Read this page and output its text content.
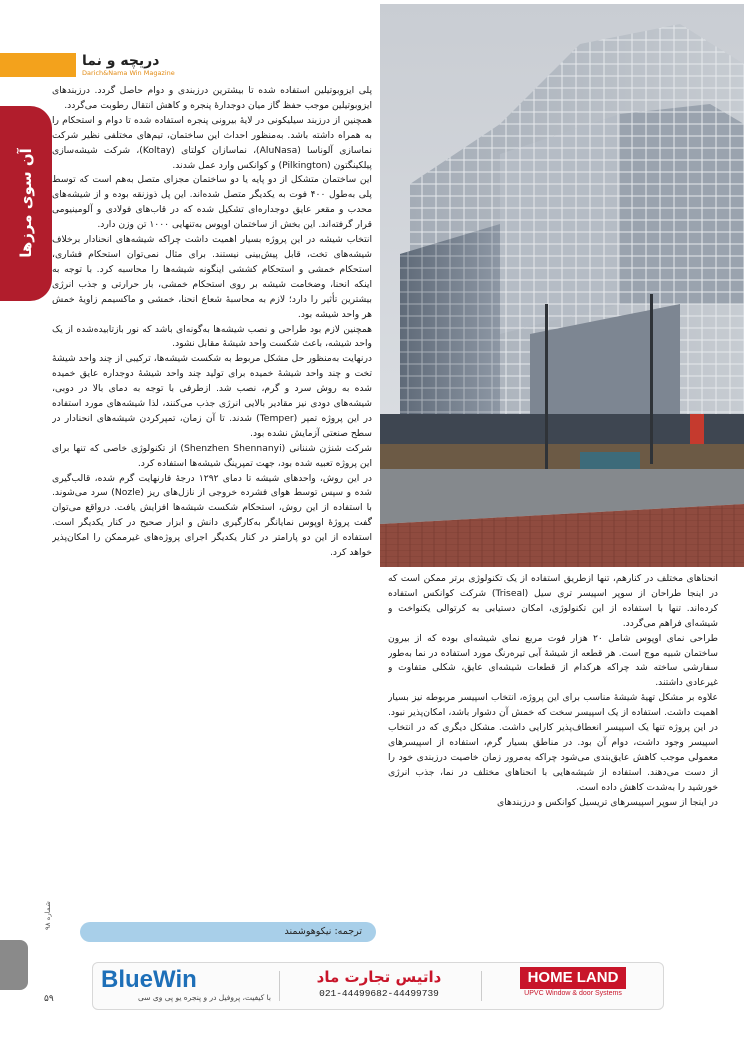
دریچه و نما
Darich&Nama Win Magazine
آن سوی مرزها

پلی ایزوبوتیلین استفاده شده تا بیشترین درزبندی و دوام حاصل گردد. درزبندهای ایزوبوتیلین موجب حفظ گاز میان دوجدارهٔ پنجره و کاهش انتقال رطوبت می‌گردد.

همچنین از درزبند سیلیکونی در لایهٔ بیرونی پنجره استفاده شده تا دوام و استحکام را به همراه داشته باشد. به‌منظور احداث این ساختمان، تیم‌های مختلفی نظیر شرکت نماسازی آلونا‌سا (AluNasa)، نماسازان کولتای (Koltay)، شرکت شیشه‌سازی پیلکینگتون (Pilkington) و کوانکس وارد عمل شدند.

این ساختمان متشکل از دو پایه یا دو ساختمان مجزای متصل به‌هم است که توسط پلی به‌طول ۴۰۰ فوت به یکدیگر متصل شده‌اند. این پل ذوزنقه بوده و از شیشه‌های محدب و مقعر عایق دوجداره‌ای تشکیل شده که در قاب‌های فولادی و آلومینیومی قرار گرفته‌اند. این بخش از ساختمان اوپوس به‌تنهایی ۱۰۰۰ تن وزن دارد.

انتخاب شیشه در این پروژه بسیار اهمیت داشت چراکه شیشه‌های انحنادار برخلاف شیشه‌های تخت، قابل پیش‌بینی نیستند. برای مثال نمی‌توان استحکام فشاری، استحکام خمشی و استحکام کششی اینگونه شیشه‌ها را محاسبه کرد. با توجه به اینکه انحنا، وضخامت شیشه بر روی استحکام خمشی، بار حرارتی و جذب انرژی بیشترین تأثیر را دارد؛ لازم به محاسبهٔ شعاع انحنا، خمشی و ماکسیمم زاویهٔ خمش هر واحد شیشه بود.

همچنین لازم بود طراحی و نصب شیشه‌ها به‌گونه‌ای باشد که نور بازتابیده‌شده از یک واحد شیشه، باعث شکست واحد شیشهٔ مقابل نشود.

درنهایت به‌منظور حل مشکل مربوط به شکست شیشه‌ها، ترکیبی از چند واحد شیشهٔ تخت و چند واحد شیشهٔ خمیده برای تولید چند واحد شیشهٔ دوجداره عایق خمیده شده به روش سرد و گرم، نصب شد. ازطرفی با توجه به دمای بالا در دوبی، شیشه‌های دودی نیز مقادیر بالایی انرژی جذب می‌کنند، لذا شیشه‌های مورد استفاده در این پروژه تمپر (Temper) شدند. تا آن زمان، تمپرکردن شیشه‌های انحنادار در سطح صنعتی آزمایش نشده بود.

شرکت شنژن شننانی (Shenzhen Shennanyi) از تکنولوژی خاصی که تنها برای این پروژه تعبیه شده بود، جهت تمپرینگ شیشه‌ها استفاده کرد.

در این روش، واحدهای شیشه تا دمای ۱۲۹۲ درجهٔ فارنهایت گرم شده، قالب‌گیری شده و سپس توسط هوای فشرده خروجی از نازل‌های ریز (Nozle) سرد می‌شوند. با استفاده از این روش، استحکام شکست شیشه‌ها افزایش یافت. درواقع می‌توان گفت پروژهٔ اوپوس نمایانگر به‌کارگیری دانش و ابزار صحیح در کنار یکدیگر است. استفاده از این دو پارامتر در کنار یکدیگر اجرای پروژه‌های غیرممکن را امکان‌پذیر خواهد کرد.

انحناهای مختلف در کنارهم، تنها ازطریق استفاده از یک تکنولوژی برتر ممکن است که در اینجا طراحان از سوپر اسپیسر تری سیل (Triseal) شرکت کوانکس استفاده کرده‌اند. تنها با استفاده از این تکنولوژی، امکان دستیابی به کرتوالی یکنواخت و شیشه‌ای فراهم می‌گردد.

طراحی نمای اوپوس شامل ۲۰ هزار فوت مربع نمای شیشه‌ای بوده که از بیرون ساختمان شبیه موج است. هر قطعه از شیشهٔ آبی تیره‌رنگ مورد استفاده در نما به‌طور سفارشی ساخته شد چراکه هرکدام از قطعات شیشه‌ای عایق، شکلی متفاوت و غیرعادی داشتند.

علاوه بر مشکل تهیهٔ شیشهٔ مناسب برای این پروژه، انتخاب اسپیسر مربوطه نیز بسیار اهمیت داشت. استفاده از یک اسپیسر سخت که خمش آن دشوار باشد، امکان‌پذیر نبود. در این پروژه تنها یک اسپیسر انعطاف‌پذیر کارایی داشت. مشکل دیگری که در انتخاب اسپیسر وجود داشت، دوام آن بود. در مناطق بسیار گرم، استفاده از اسپیسرهای معمولی موجب کاهش عایق‌بندی می‌شود چراکه به‌مرور زمان خاصیت درزبندی خود را از دست می‌دهند. استفاده از شیشه‌هایی با انحناهای مختلف در نما، جذب انرژی خورشید را به‌شدت کاهش داده است.

در اینجا از سوپر اسپیسرهای تریسیل کوانکس و درزبندهای

ترجمه: نیکوهوشمند
شماره ۹۸
۵۹
BlueWin
با کیفیت، پروفیل در و پنجره یو پی وی سی
داتیس تجارت ماد
021-44499682-44499739
HOME LAND
UPVC Window & door Systems
